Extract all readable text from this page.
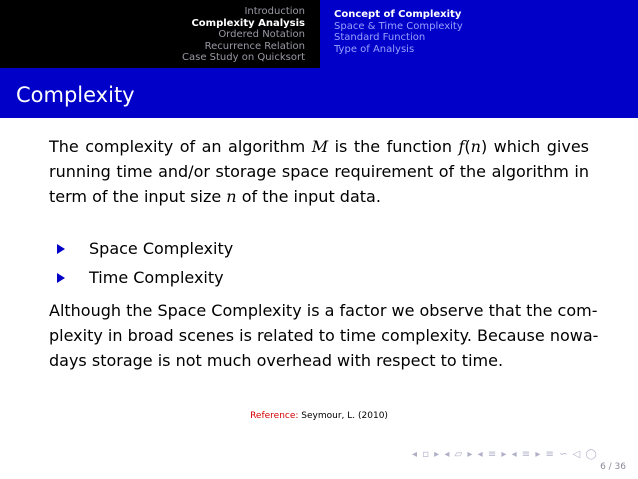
Introduction
Complexity Analysis
Ordered Notation
Recurrence Relation
Case Study on Quicksort
Concept of Complexity
Space & Time Complexity
Standard Function
Type of Analysis
Complexity
The complexity of an algorithm M is the function f(n) which gives
running time and/or storage space requirement of the algorithm in
term of the input size n of the input data.
Space Complexity
Time Complexity
Although the Space Complexity is a factor we observe that the com-
plexity in broad scenes is related to time complexity. Because nowa-
days storage is not much overhead with respect to time.
Reference: Seymour, L. (2010)
◂ ▫ ▸ ◂ ▱ ▸ ◂ ≡ ▸ ◂ ≡ ▸ ≡ ∽ ◁ ◯
6 / 36
